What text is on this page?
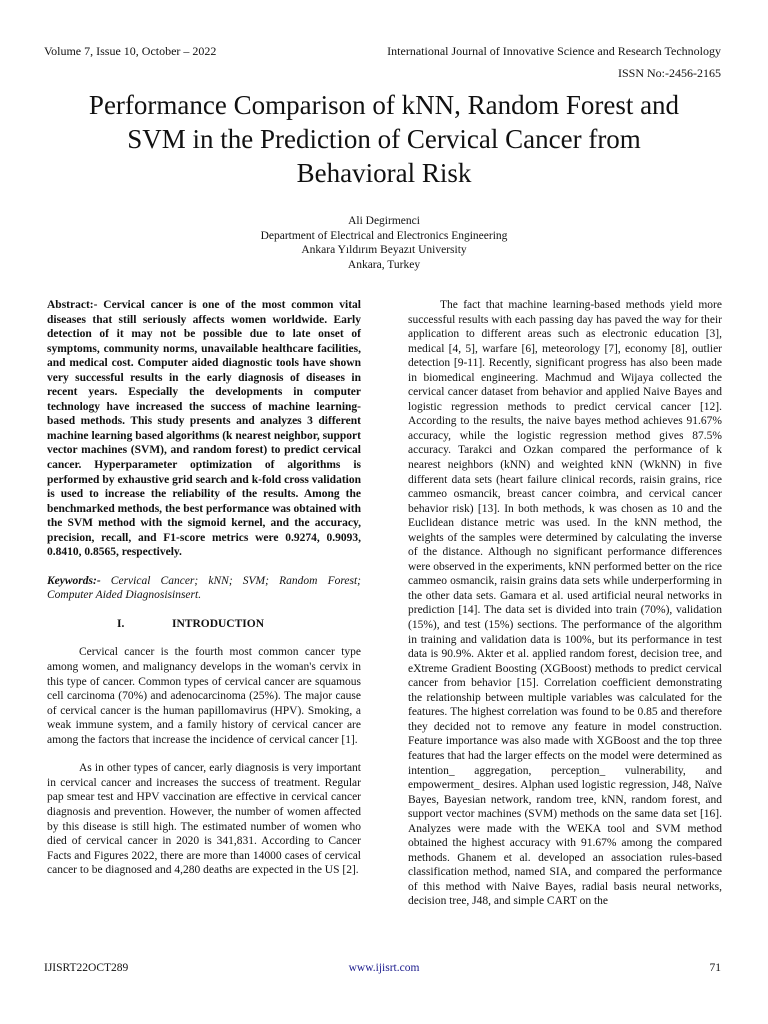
Volume 7, Issue 10, October – 2022	International Journal of Innovative Science and Research Technology
ISSN No:-2456-2165
Performance Comparison of kNN, Random Forest and SVM in the Prediction of Cervical Cancer from Behavioral Risk
Ali Degirmenci
Department of Electrical and Electronics Engineering
Ankara Yıldırım Beyazıt University
Ankara, Turkey

Abstract:- Cervical cancer is one of the most common vital diseases that still seriously affects women worldwide. Early detection of it may not be possible due to late onset of symptoms, community norms, unavailable healthcare facilities, and medical cost. Computer aided diagnostic tools have shown very successful results in the early diagnosis of diseases in recent years. Especially the developments in computer technology have increased the success of machine learning-based methods. This study presents and analyzes 3 different machine learning based algorithms (k nearest neighbor, support vector machines (SVM), and random forest) to predict cervical cancer. Hyperparameter optimization of algorithms is performed by exhaustive grid search and k-fold cross validation is used to increase the reliability of the results. Among the benchmarked methods, the best performance was obtained with the SVM method with the sigmoid kernel, and the accuracy, precision, recall, and F1-score metrics were 0.9274, 0.9093, 0.8410, 0.8565, respectively.

Keywords:- Cervical Cancer; kNN; SVM; Random Forest; Computer Aided Diagnosisinsert.

I.	INTRODUCTION

Cervical cancer is the fourth most common cancer type among women, and malignancy develops in the woman's cervix in this type of cancer. Common types of cervical cancer are squamous cell carcinoma (70%) and adenocarcinoma (25%). The major cause of cervical cancer is the human papillomavirus (HPV). Smoking, a weak immune system, and a family history of cervical cancer are among the factors that increase the incidence of cervical cancer [1].

As in other types of cancer, early diagnosis is very important in cervical cancer and increases the success of treatment. Regular pap smear test and HPV vaccination are effective in cervical cancer diagnosis and prevention. However, the number of women affected by this disease is still high. The estimated number of women who died of cervical cancer in 2020 is 341,831. According to Cancer Facts and Figures 2022, there are more than 14000 cases of cervical cancer to be diagnosed and 4,280 deaths are expected in the US [2].

The fact that machine learning-based methods yield more successful results with each passing day has paved the way for their application to different areas such as electronic education [3], medical [4, 5], warfare [6], meteorology [7], economy [8], outlier detection [9-11]. Recently, significant progress has also been made in biomedical engineering. Machmud and Wijaya collected the cervical cancer dataset from behavior and applied Naive Bayes and logistic regression methods to predict cervical cancer [12]. According to the results, the naive bayes method achieves 91.67% accuracy, while the logistic regression method gives 87.5% accuracy. Tarakci and Ozkan compared the performance of k nearest neighbors (kNN) and weighted kNN (WkNN) in five different data sets (heart failure clinical records, raisin grains, rice cammeo osmancik, breast cancer coimbra, and cervical cancer behavior risk) [13]. In both methods, k was chosen as 10 and the Euclidean distance metric was used. In the kNN method, the weights of the samples were determined by calculating the inverse of the distance. Although no significant performance differences were observed in the experiments, kNN performed better on the rice cammeo osmancik, raisin grains data sets while underperforming in the other data sets. Gamara et al. used artificial neural networks in prediction [14]. The data set is divided into train (70%), validation (15%), and test (15%) sections. The performance of the algorithm in training and validation data is 100%, but its performance in test data is 90.9%. Akter et al. applied random forest, decision tree, and eXtreme Gradient Boosting (XGBoost) methods to predict cervical cancer from behavior [15]. Correlation coefficient demonstrating the relationship between multiple variables was calculated for the features. The highest correlation was found to be 0.85 and therefore they decided not to remove any feature in model construction. Feature importance was also made with XGBoost and the top three features that had the larger effects on the model were determined as intention_ aggregation, perception_ vulnerability, and empowerment_ desires. Alphan used logistic regression, J48, Naïve Bayes, Bayesian network, random tree, kNN, random forest, and support vector machines (SVM) methods on the same data set [16]. Analyzes were made with the WEKA tool and SVM method obtained the highest accuracy with 91.67% among the compared methods. Ghanem et al. developed an association rules-based classification method, named SIA, and compared the performance of this method with Naive Bayes, radial basis neural networks, decision tree, J48, and simple CART on the

IJISRT22OCT289	www.ijisrt.com	71
